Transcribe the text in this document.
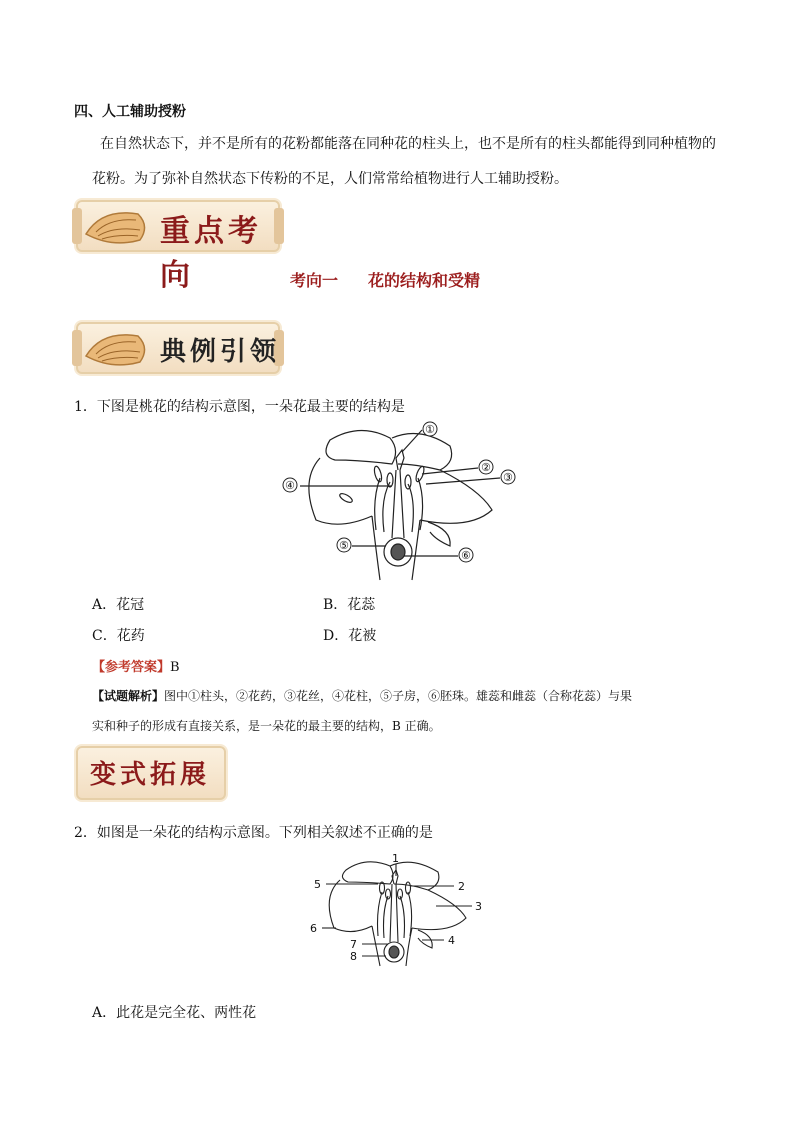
四、人工辅助授粉
在自然状态下，并不是所有的花粉都能落在同种花的柱头上，也不是所有的柱头都能得到同种植物的
花粉。为了弥补自然状态下传粉的不足，人们常常给植物进行人工辅助授粉。
重点考向	考向一 花的结构和受精
典例引领
1．下图是桃花的结构示意图，一朵花最主要的结构是
①
②
③
④
⑤
⑥
A．花冠	B．花蕊
C．花药	D．花被
【参考答案】B
【试题解析】图中①柱头，②花药，③花丝，④花柱，⑤子房，⑥胚珠。雄蕊和雌蕊（合称花蕊）与果
实和种子的形成有直接关系，是一朵花的最主要的结构，B 正确。
变式拓展
2．如图是一朵花的结构示意图。下列相关叙述不正确的是
1
2
3
4
5
6
7
8
A．此花是完全花、两性花
